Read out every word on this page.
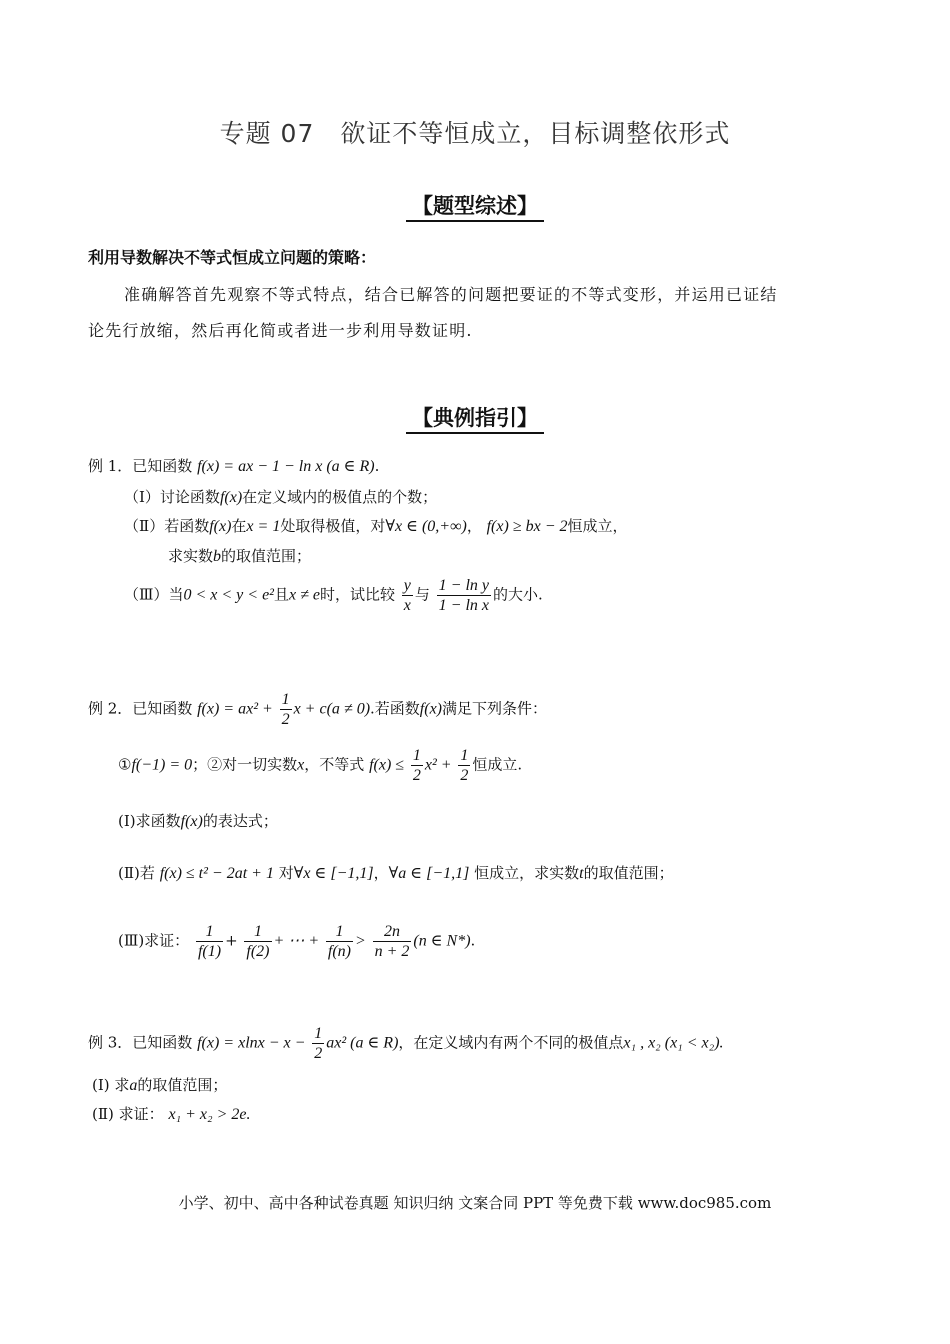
专题 07　欲证不等恒成立，目标调整依形式
【题型综述】
利用导数解决不等式恒成立问题的策略：
准确解答首先观察不等式特点，结合已解答的问题把要证的不等式变形，并运用已证结
论先行放缩，然后再化简或者进一步利用导数证明.
【典例指引】
例 1．已知函数 f(x) = ax − 1 − ln x (a ∈ R).
（Ⅰ）讨论函数f(x)在定义域内的极值点的个数；
（Ⅱ）若函数f(x)在x = 1处取得极值，对∀x ∈ (0,+∞)， f(x) ≥ bx − 2恒成立，
求实数b的取值范围；
（Ⅲ）当0 < x < y < e²且x ≠ e时，试比较 $\frac{y}{x}$ 与 $\frac{\text{1 − ln y}}{\text{1 − ln x}}$ 的大小.
例 2．已知函数 $f(x) = ax^2 + \frac{1}{2}$ x + c(a ≠ 0).若函数f(x)满足下列条件：
①f(−1) = 0；②对一切实数x，不等式 $f(x) \le \frac{1}{2} x^2 + \frac{1}{2}$ 恒成立.
(Ⅰ)求函数f(x)的表达式；
(Ⅱ)若 f(x) ≤ t² − 2at + 1 对∀x ∈ [−1,1]，∀a ∈ [−1,1] 恒成立，求实数t的取值范围；
(Ⅲ)求证： $\frac{1}{f(1)} + \frac{1}{f(2)}$ + ⋯ + $\frac{1}{f(n)} > \frac{2n}{n + 2} (n$ ∈ N*).
例 3．已知函数 $f(x) = xlnx - x - \frac{1}{2} ax^2$ (a ∈ R)，在定义域内有两个不同的极值点x₁ , x₂ (x₁ < x₂).
(Ⅰ) 求a的取值范围；
(Ⅱ) 求证： x₁ + x₂ > 2e.
小学、初中、高中各种试卷真题 知识归纳 文案合同 PPT 等免费下载 www.doc985.com
